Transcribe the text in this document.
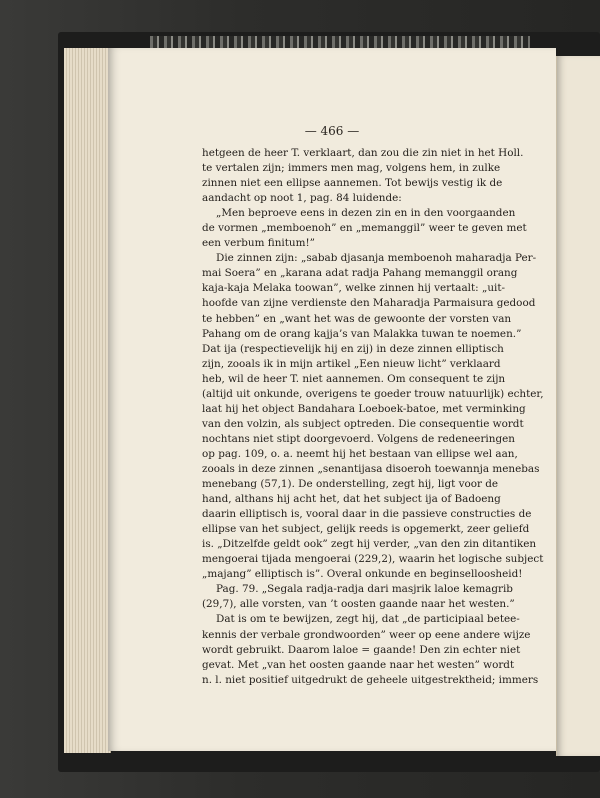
— 466 —
hetgeen de heer T. verklaart, dan zou die zin niet in het Holl.
te vertalen zijn; immers men mag, volgens hem, in zulke
zinnen niet een ellipse aannemen. Tot bewijs vestig ik de
aandacht op noot 1, pag. 84 luidende:
„Men beproeve eens in dezen zin en in den voorgaanden
de vormen „memboenoh” en „memanggil” weer te geven met
een verbum finitum!”
Die zinnen zijn: „sabab djasanja memboenoh maharadja Per-
mai Soera” en „karana adat radja Pahang memanggil orang
kaja-kaja Melaka toowan”, welke zinnen hij vertaalt: „uit-
hoofde van zijne verdienste den Maharadja Parmaisura gedood
te hebben” en „want het was de gewoonte der vorsten van
Pahang om de orang kajja’s van Malakka tuwan te noemen.”
Dat ija (respectievelijk hij en zij) in deze zinnen elliptisch
zijn, zooals ik in mijn artikel „Een nieuw licht” verklaard
heb, wil de heer T. niet aannemen. Om consequent te zijn
(altijd uit onkunde, overigens te goeder trouw natuurlijk) echter,
laat hij het object Bandahara Loeboek-batoe, met verminking
van den volzin, als subject optreden. Die consequentie wordt
nochtans niet stipt doorgevoerd. Volgens de redeneeringen
op pag. 109, o. a. neemt hij het bestaan van ellipse wel aan,
zooals in deze zinnen „senantijasa disoeroh toewannja menebas
menebang (57,1). De onderstelling, zegt hij, ligt voor de
hand, althans hij acht het, dat het subject ija of Badoeng
daarin elliptisch is, vooral daar in die passieve constructies de
ellipse van het subject, gelijk reeds is opgemerkt, zeer geliefd
is. „Ditzelfde geldt ook” zegt hij verder, „van den zin ditantiken
mengoerai tijada mengoerai (229,2), waarin het logische subject
„majang” elliptisch is”. Overal onkunde en beginselloosheid!
Pag. 79. „Segala radja-radja dari masjrik laloe kemagrib
(29,7), alle vorsten, van ’t oosten gaande naar het westen.”
Dat is om te bewijzen, zegt hij, dat „de participiaal betee-
kennis der verbale grondwoorden” weer op eene andere wijze
wordt gebruikt. Daarom laloe = gaande! Den zin echter niet
gevat. Met „van het oosten gaande naar het westen” wordt
n. l. niet positief uitgedrukt de geheele uitgestrektheid; immers
